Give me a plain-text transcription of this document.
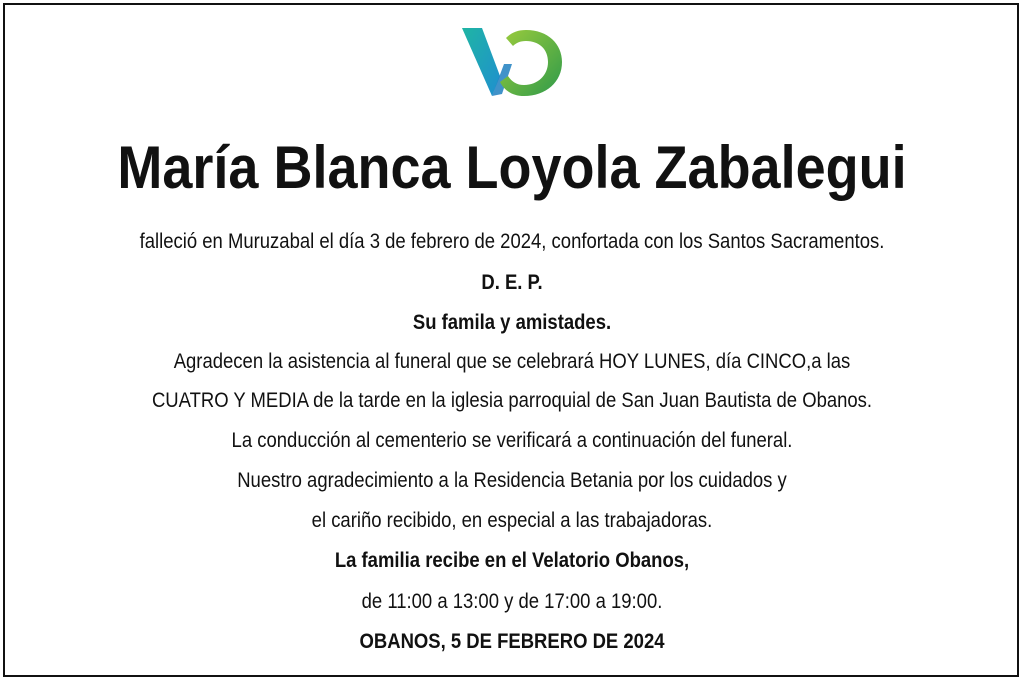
María Blanca Loyola Zabalegui
falleció en Muruzabal el día 3 de febrero de 2024, confortada con los Santos Sacramentos.
D. E. P.
Su famila y amistades.
Agradecen la asistencia al funeral que se celebrará HOY LUNES, día CINCO,a las
CUATRO Y MEDIA de la tarde en la iglesia parroquial de San Juan Bautista de Obanos.
La conducción al cementerio se verificará a continuación del funeral.
Nuestro agradecimiento a la Residencia Betania por los cuidados y
el cariño recibido, en especial a las trabajadoras.
La familia recibe en el Velatorio Obanos,
de 11:00 a 13:00 y de 17:00 a 19:00.
OBANOS, 5 DE FEBRERO DE 2024
